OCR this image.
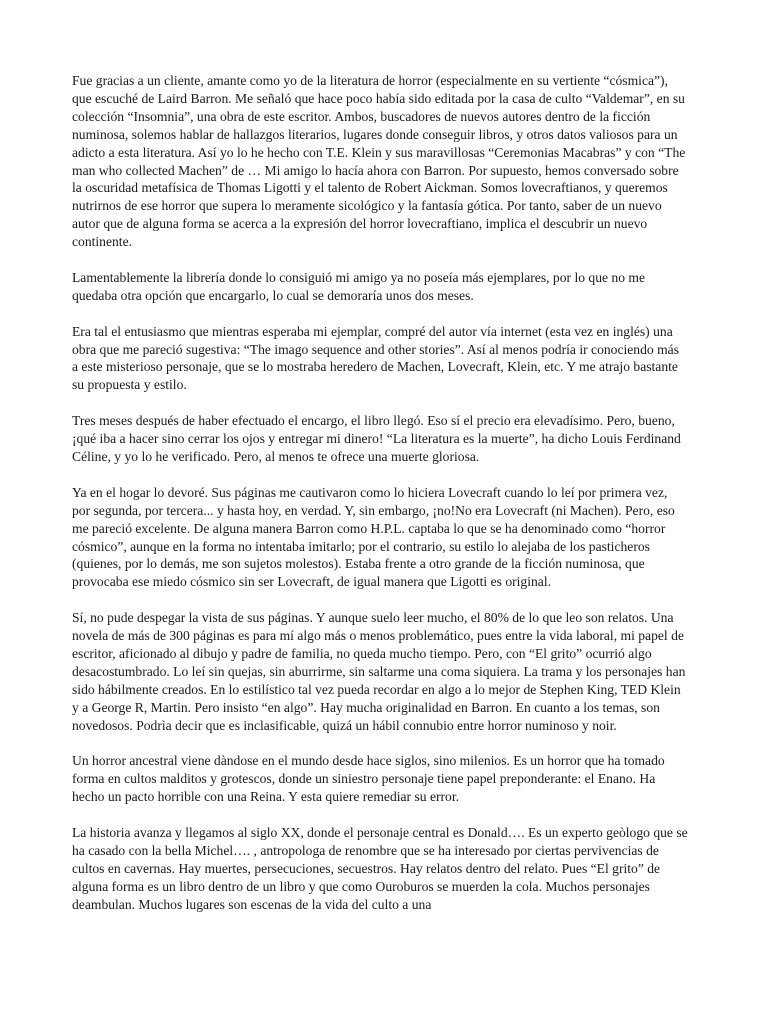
Fue gracias a un cliente, amante como yo de la literatura de horror (especialmente en su vertiente “cósmica”), que escuché de Laird Barron. Me señaló que hace poco había sido editada por la casa de culto “Valdemar”, en su colección “Insomnia”, una obra de este escritor. Ambos, buscadores de nuevos autores dentro de la ficción numinosa, solemos hablar de hallazgos literarios, lugares donde conseguir libros, y otros datos valiosos para un adicto a esta literatura. Así yo lo he hecho con T.E. Klein y sus maravillosas “Ceremonias Macabras” y con “The man who collected Machen” de … Mi amigo lo hacía ahora con Barron. Por supuesto, hemos conversado sobre la oscuridad metafísica de Thomas Ligotti y el talento de Robert Aickman. Somos lovecraftianos, y queremos nutrirnos de ese horror que supera lo meramente sicológico y la fantasía gótica. Por tanto, saber de un nuevo autor que de alguna forma se acerca a la expresión del horror lovecraftiano, implica el descubrir un nuevo continente.

Lamentablemente la librería donde lo consiguió mi amigo ya no poseía más ejemplares, por lo que no me quedaba otra opción que encargarlo, lo cual se demoraría unos dos meses.

Era tal el entusiasmo que mientras esperaba mi ejemplar, compré del autor vía internet (esta vez en inglés) una obra que me pareció sugestiva: “The imago sequence and other stories”. Así al menos podría ir conociendo más a este misterioso personaje, que se lo mostraba heredero de Machen, Lovecraft, Klein, etc. Y me atrajo bastante su propuesta y estilo.

Tres meses después de haber efectuado el encargo, el libro llegó. Eso sí el precio era elevadísimo. Pero, bueno, ¡qué iba a hacer sino cerrar los ojos y entregar mi dinero! “La literatura es la muerte”, ha dicho Louis Ferdinand Céline, y yo lo he verificado. Pero, al menos te ofrece una muerte gloriosa.

Ya en el hogar lo devoré. Sus páginas me cautivaron como lo hiciera Lovecraft cuando lo leí por primera vez, por segunda, por tercera... y hasta hoy, en verdad. Y, sin embargo, ¡no!No era Lovecraft (ni Machen). Pero, eso me pareció excelente. De alguna manera Barron como H.P.L. captaba lo que se ha denominado como “horror cósmico”, aunque en la forma no intentaba imitarlo; por el contrario, su estilo lo alejaba de los pasticheros (quienes, por lo demás, me son sujetos molestos). Estaba frente a otro grande de la ficción numinosa, que provocaba ese miedo cósmico sin ser Lovecraft, de igual manera que Ligotti es original.

Sí, no pude despegar la vista de sus páginas. Y aunque suelo leer mucho, el 80% de lo que leo son relatos. Una novela de más de 300 páginas es para mí algo más o menos problemático, pues entre la vida laboral, mi papel de escritor, aficionado al dibujo y padre de familia, no queda mucho tiempo. Pero, con “El grito” ocurrió algo desacostumbrado. Lo leí sin quejas, sin aburrirme, sin saltarme una coma siquiera. La trama y los personajes han sido hábilmente creados. En lo estilístico tal vez pueda recordar en algo a lo mejor de Stephen King, TED Klein y a George R, Martin. Pero insisto “en algo”. Hay mucha originalidad en Barron. En cuanto a los temas, son novedosos. Podrìa decir que es inclasificable, quizá un hábil connubio entre horror numinoso y noir.

Un horror ancestral viene dàndose en el mundo desde hace siglos, sino milenios. Es un horror que ha tomado forma en cultos malditos y grotescos, donde un siniestro personaje tiene papel preponderante: el Enano. Ha hecho un pacto horrible con una Reina. Y esta quiere remediar su error.

La historia avanza y llegamos al siglo XX, donde el personaje central es Donald…. Es un experto geòlogo que se ha casado con la bella Michel…. , antropologa de renombre que se ha interesado por ciertas pervivencias de cultos en cavernas. Hay muertes, persecuciones, secuestros. Hay relatos dentro del relato. Pues “El grito” de alguna forma es un libro dentro de un libro y que como Ouroburos se muerden la cola. Muchos personajes deambulan. Muchos lugares son escenas de la vida del culto a una
